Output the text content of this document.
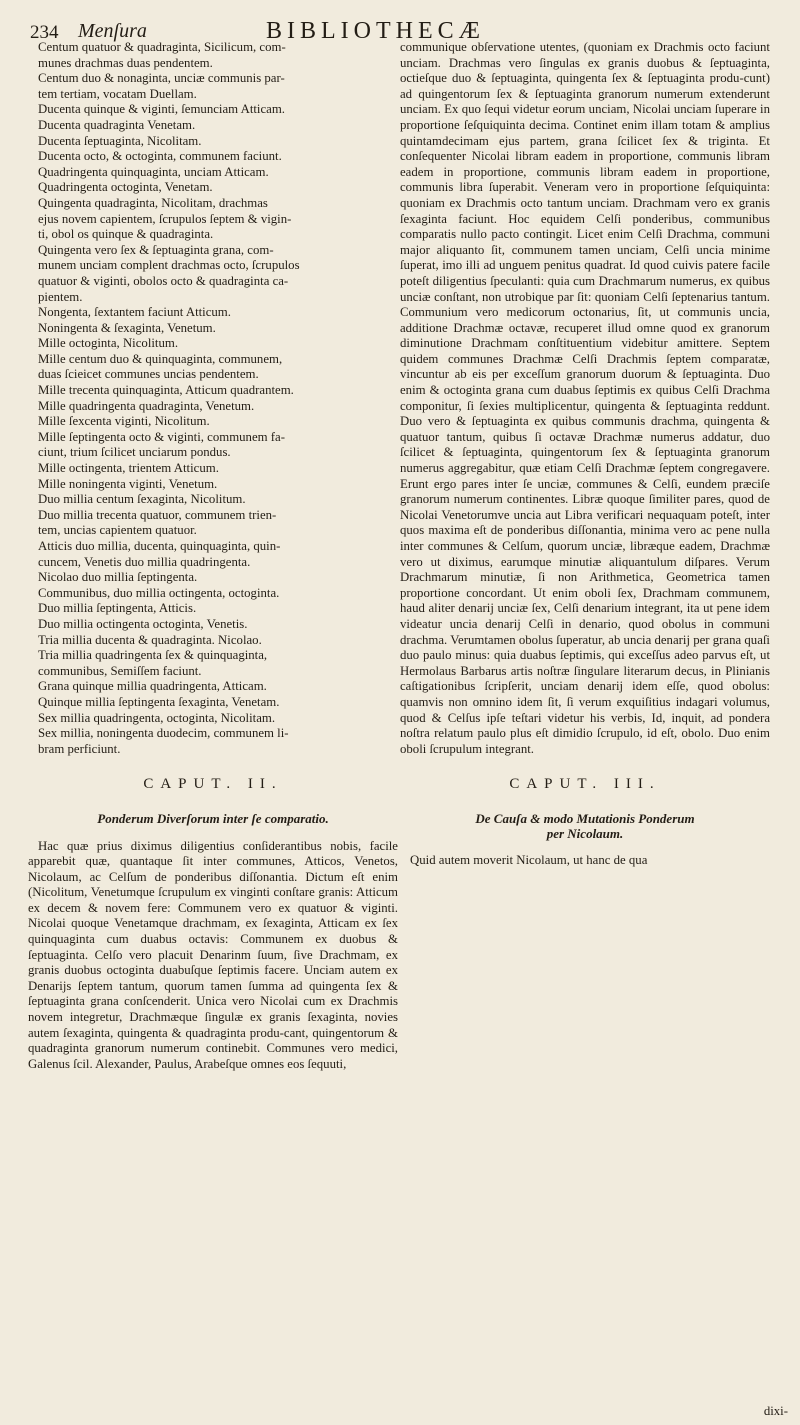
234 Menſura	BIBLIOTHECÆ

Centum quatuor & quadraginta, Sicilicum, com-

munes drachmas duas pendentem.

Centum duo & nonaginta, unciæ communis par-

tem tertiam, vocatam Duellam.

Ducenta quinque & viginti, ſemunciam Atticam.

Ducenta quadraginta Venetam.

Ducenta ſeptuaginta, Nicolitam.

Ducenta octo, & octoginta, communem faciunt.

Quadringenta quinquaginta, unciam Atticam.

Quadringenta octoginta, Venetam.

Quingenta quadraginta, Nicolitam, drachmas

ejus novem capientem, ſcrupulos ſeptem & vigin-

ti, obol os quinque & quadraginta.

Quingenta vero ſex & ſeptuaginta grana, com-

munem unciam complent drachmas octo, ſcrupulos

quatuor & viginti, obolos octo & quadraginta ca-

pientem.

Nongenta, ſextantem faciunt Atticum.

Noningenta & ſexaginta, Venetum.

Mille octoginta, Nicolitum.

Mille centum duo & quinquaginta, communem,

duas ſcieicet communes uncias pendentem.

Mille trecenta quinquaginta, Atticum quadrantem.

Mille quadringenta quadraginta, Venetum.

Mille ſexcenta viginti, Nicolitum.

Mille ſeptingenta octo & viginti, communem fa-

ciunt, trium ſcilicet unciarum pondus.

Mille octingenta, trientem Atticum.

Mille noningenta viginti, Venetum.

Duo millia centum ſexaginta, Nicolitum.

Duo millia trecenta quatuor, communem trien-

tem, uncias capientem quatuor.

Atticis duo millia, ducenta, quinquaginta, quin-

cuncem, Venetis duo millia quadringenta.

Nicolao duo millia ſeptingenta.

Communibus, duo millia octingenta, octoginta.

Duo millia ſeptingenta, Atticis.

Duo millia octingenta octoginta, Venetis.

Tria millia ducenta & quadraginta. Nicolao.

Tria millia quadringenta ſex & quinquaginta,

communibus, Semiſſem faciunt.

Grana quinque millia quadringenta, Atticam.

Quinque millia ſeptingenta ſexaginta, Venetam.

Sex millia quadringenta, octoginta, Nicolitam.

Sex millia, noningenta duodecim, communem li-

bram perficiunt.

CAPUT. II.

Ponderum Diverſorum inter ſe comparatio.

Hac quæ prius diximus diligentius conſiderantibus nobis, facile apparebit quæ, quantaque ſit inter communes, Atticos, Venetos, Nicolaum, ac Celſum de ponderibus diſſonantia. Dictum eſt enim (Nicolitum, Venetumque ſcrupulum ex vinginti conſtare granis: Atticum ex decem & novem fere: Communem vero ex quatuor & viginti. Nicolai quoque Venetamque drachmam, ex ſexaginta, Atticam ex ſex quinquaginta cum duabus octavis: Communem ex duobus & ſeptuaginta. Celſo vero placuit Denarinm ſuum, ſive Drachmam, ex granis duobus octoginta duabuſque ſeptimis facere. Unciam autem ex Denarijs ſeptem tantum, quorum tamen ſumma ad quingenta ſex & ſeptuaginta grana conſcenderit. Unica vero Nicolai cum ex Drachmis novem integretur, Drachmæque ſingulæ ex granis ſexaginta, novies autem ſexaginta, quingenta & quadraginta produ-cant, quingentorum & quadraginta granorum numerum continebit. Communes vero medici, Galenus ſcil. Alexander, Paulus, Arabeſque omnes eos ſequuti,

communique obſervatione utentes, (quoniam ex Drachmis octo faciunt unciam. Drachmas vero ſingulas ex granis duobus & ſeptuaginta, octieſque duo & ſeptuaginta, quingenta ſex & ſeptuaginta produ-cunt) ad quingentorum ſex & ſeptuaginta granorum numerum extenderunt unciam. Ex quo ſequi videtur eorum unciam, Nicolai unciam ſuperare in proportione ſeſquiquinta decima. Continet enim illam totam & amplius quintamdecimam ejus partem, grana ſcilicet ſex & triginta. Et conſequenter Nicolai libram eadem in proportione, communis libram eadem in proportione, communis libram eadem in proportione, communis libra ſuperabit. Veneram vero in proportione ſeſquiquinta: quoniam ex Drachmis octo tantum unciam. Drachmam vero ex granis ſexaginta faciunt. Hoc equidem Celſi ponderibus, communibus comparatis nullo pacto contingit. Licet enim Celſi Drachma, communi major aliquanto ſit, communem tamen unciam, Celſi uncia minime ſuperat, imo illi ad unguem penitus quadrat. Id quod cuivis patere facile poteſt diligentius ſpeculanti: quia cum Drachmarum numerus, ex quibus unciæ conſtant, non utrobique par ſit: quoniam Celſi ſeptenarius tantum. Communium vero medicorum octonarius, ſit, ut communis uncia, additione Drachmæ octavæ, recuperet illud omne quod ex granorum diminutione Drachmam conſtituentium videbitur amittere. Septem quidem communes Drachmæ Celſi Drachmis ſeptem comparatæ, vincuntur ab eis per exceſſum granorum duorum & ſeptuaginta. Duo enim & octoginta grana cum duabus ſeptimis ex quibus Celſi Drachma componitur, ſi ſexies multiplicentur, quingenta & ſeptuaginta reddunt. Duo vero & ſeptuaginta ex quibus communis drachma, quingenta & quatuor tantum, quibus ſi octavæ Drachmæ numerus addatur, duo ſcilicet & ſeptuaginta, quingentorum ſex & ſeptuaginta granorum numerus aggregabitur, quæ etiam Celſi Drachmæ ſeptem congregavere. Erunt ergo pares inter ſe unciæ, communes & Celſi, eundem præciſe granorum numerum continentes. Libræ quoque ſimiliter pares, quod de Nicolai Venetorumve uncia aut Libra verificari nequaquam poteſt, inter quos maxima eſt de ponderibus diſſonantia, minima vero ac pene nulla inter communes & Celſum, quorum unciæ, libræque eadem, Drachmæ vero ut diximus, earumque minutiæ aliquantulum diſpares. Verum Drachmarum minutiæ, ſi non Arithmetica, Geometrica tamen proportione concordant. Ut enim oboli ſex, Drachmam communem, haud aliter denarij unciæ ſex, Celſi denarium integrant, ita ut pene idem videatur uncia denarij Celſi in denario, quod obolus in communi drachma. Verumtamen obolus ſuperatur, ab uncia denarij per grana quaſi duo paulo minus: quia duabus ſeptimis, qui exceſſus adeo parvus eſt, ut Hermolaus Barbarus artis noſtræ ſingulare literarum decus, in Plinianis caſtigationibus ſcripſerit, unciam denarij idem eſſe, quod obolus: quamvis non omnino idem ſit, ſi verum exquiſitius indagari volumus, quod & Celſus ipſe teſtari videtur his verbis, Id, inquit, ad pondera noſtra relatum paulo plus eſt dimidio ſcrupulo, id eſt, obolo. Duo enim oboli ſcrupulum integrant.

CAPUT. III.

De Cauſa & modo Mutationis Ponderum
per Nicolaum.

Quid autem moverit Nicolaum, ut hanc de qua

dixi-
